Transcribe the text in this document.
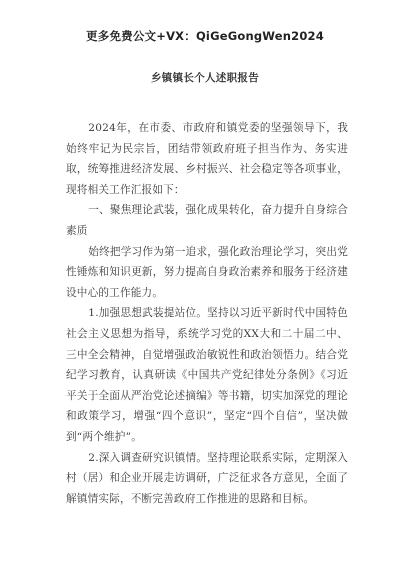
更多免费公文+VX：QiGeGongWen2024
乡镇镇长个人述职报告

2024年，在市委、市政府和镇党委的坚强领导下，我始终牢记为民宗旨，团结带领政府班子担当作为、务实进取，统筹推进经济发展、乡村振兴、社会稳定等各项事业，现将相关工作汇报如下：

一、聚焦理论武装，强化成果转化，奋力提升自身综合素质

始终把学习作为第一追求，强化政治理论学习，突出党性锤炼和知识更新，努力提高自身政治素养和服务于经济建设中心的工作能力。

1.加强思想武装提站位。坚持以习近平新时代中国特色社会主义思想为指导，系统学习党的XX大和二十届二中、三中全会精神，自觉增强政治敏锐性和政治领悟力。结合党纪学习教育，认真研读《中国共产党纪律处分条例》《习近平关于全面从严治党论述摘编》等书籍，切实加深党的理论和政策学习，增强“四个意识”，坚定“四个自信”，坚决做到“两个维护”。

2.深入调查研究识镇情。坚持理论联系实际，定期深入村（居）和企业开展走访调研，广泛征求各方意见，全面了解镇情实际，不断完善政府工作推进的思路和目标。
